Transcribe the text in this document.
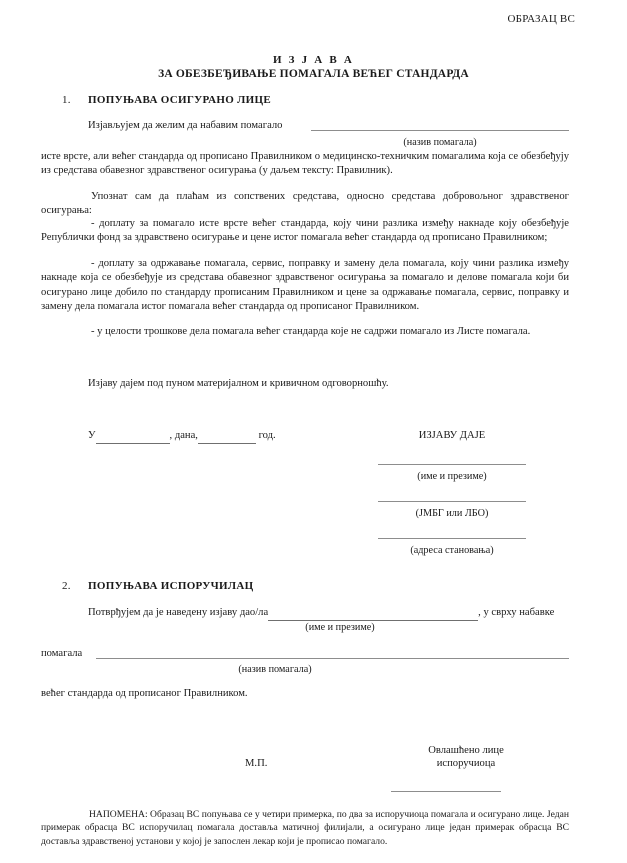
ОБРАЗАЦ ВС
И З Ј А В А
ЗА ОБЕЗБЕЂИВАЊЕ ПОМАГАЛА ВЕЋЕГ СТАНДАРДА
1. ПОПУЊАВА ОСИГУРАНО ЛИЦЕ
Изјављујем да желим да набавим помагало
(назив помагала)
исте врсте, али већег стандарда од прописано Правилником о медицинско-техничким помагалима која се обезбеђују из средстава обавезног здравственог осигурања (у даљем тексту: Правилник).
Упознат сам да плаћам из сопствених средстава, односно средстава добровољног здравственог осигурања:
- доплату за помагало исте врсте већег стандарда, коју чини разлика између накнаде коју обезбеђује Републички фонд за здравствено осигурање и цене истог помагала већег стандарда од прописано Правилником;
- доплату за одржавање помагала, сервис, поправку и замену дела помагала, коју чини разлика између накнаде која се обезбеђује из средстава обавезног здравственог осигурања за помагало и делове помагала који би осигурано лице добило по стандарду прописаним Правилником и цене за одржавање помагала, сервис, поправку и замену дела помагала истог помагала већег стандарда од прописаног Правилником.
- у целости трошкове дела помагала већег стандарда које не садржи помагало из Листе помагала.
Изјаву дајем под пуном материјалном и кривичном одговорношћу.
У	, дана,	год.	ИЗЈАВУ ДАЈЕ
(име и презиме)
(ЈМБГ или ЛБО)
(адреса становања)
2. ПОПУЊАВА ИСПОРУЧИЛАЦ
Потврђујем да је наведену изјаву дао/ла	, у сврху набавке
(име и презиме)
помагала
(назив помагала)
већег стандарда од прописаног Правилником.
М.П.
Овлашћено лице
испоручиоца
НАПОМЕНА: Образац ВС попуњава се у четири примерка, по два за испоручиоца помагала и осигурано лице. Један примерак обрасца ВС испоручилац помагала доставља матичној филијали, а осигурано лице један примерак обрасца ВС доставља здравственој установи у којој је запослен лекар који је прописао помагало.
